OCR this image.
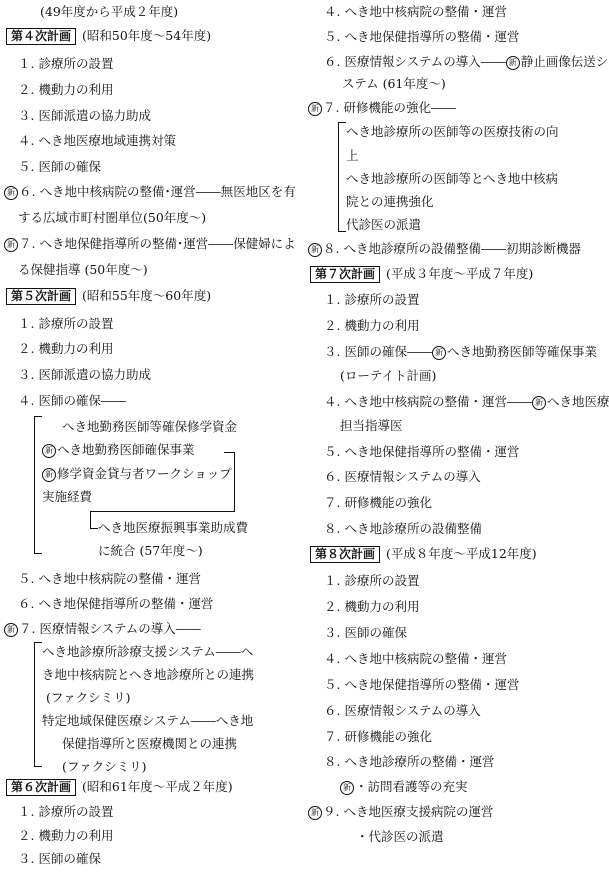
(49年度から平成２年度)
第４次計画 (昭和50年度～54年度)
１. 診療所の設置
２. 機動力の利用
３. 医師派遣の協力助成
４. へき地医療地域連携対策
５. 医師の確保
新 ６. へき地中核病院の整備･運営――無医地区を有
する広域市町村圏単位(50年度～)
新 ７. へき地保健指導所の整備･運営――保健婦によ
る保健指導 (50年度～)
第５次計画 (昭和55年度～60年度)
１. 診療所の設置
２. 機動力の利用
３. 医師派遣の協力助成
４. 医師の確保――
へき地勤務医師等確保修学資金
新 へき地勤務医師確保事業
新 修学資金貸与者ワークショップ
実施経費
へき地医療振興事業助成費
に統合 (57年度～)
５. へき地中核病院の整備・運営
６. へき地保健指導所の整備・運営
新 ７. 医療情報システムの導入――
へき地診療所診療支援システム――へ
き地中核病院とへき地診療所との連携
(ファクシミリ)
特定地域保健医療システム――へき地
保健指導所と医療機関との連携
(ファクシミリ)
第６次計画 (昭和61年度～平成２年度)
１. 診療所の設置
２. 機動力の利用
３. 医師の確保
４. へき地中核病院の整備・運営
５. へき地保健指導所の整備・運営
６. 医療情報システムの導入―― 新 静止画像伝送シ
ステム (61年度～)
新 ７. 研修機能の強化――
へき地診療所の医師等の医療技術の向
上
へき地診療所の医師等とへき地中核病
院との連携強化
代診医の派遣
新 ８. へき地診療所の設備整備――初期診断機器
第７次計画 (平成３年度～平成７年度)
１. 診療所の設置
２. 機動力の利用
３. 医師の確保―― 新 へき地勤務医師等確保事業
(ローテイト計画)
４. へき地中核病院の整備・運営―― 新 へき地医療
担当指導医
５. へき地保健指導所の整備・運営
６. 医療情報システムの導入
７. 研修機能の強化
８. へき地診療所の設備整備
第８次計画 (平成８年度～平成12年度)
１. 診療所の設置
２. 機動力の利用
３. 医師の確保
４. へき地中核病院の整備・運営
５. へき地保健指導所の整備・運営
６. 医療情報システムの導入
７. 研修機能の強化
８. へき地診療所の整備・運営
新 ・訪問看護等の充実
新 ９. へき地医療支援病院の運営
・代診医の派遣
